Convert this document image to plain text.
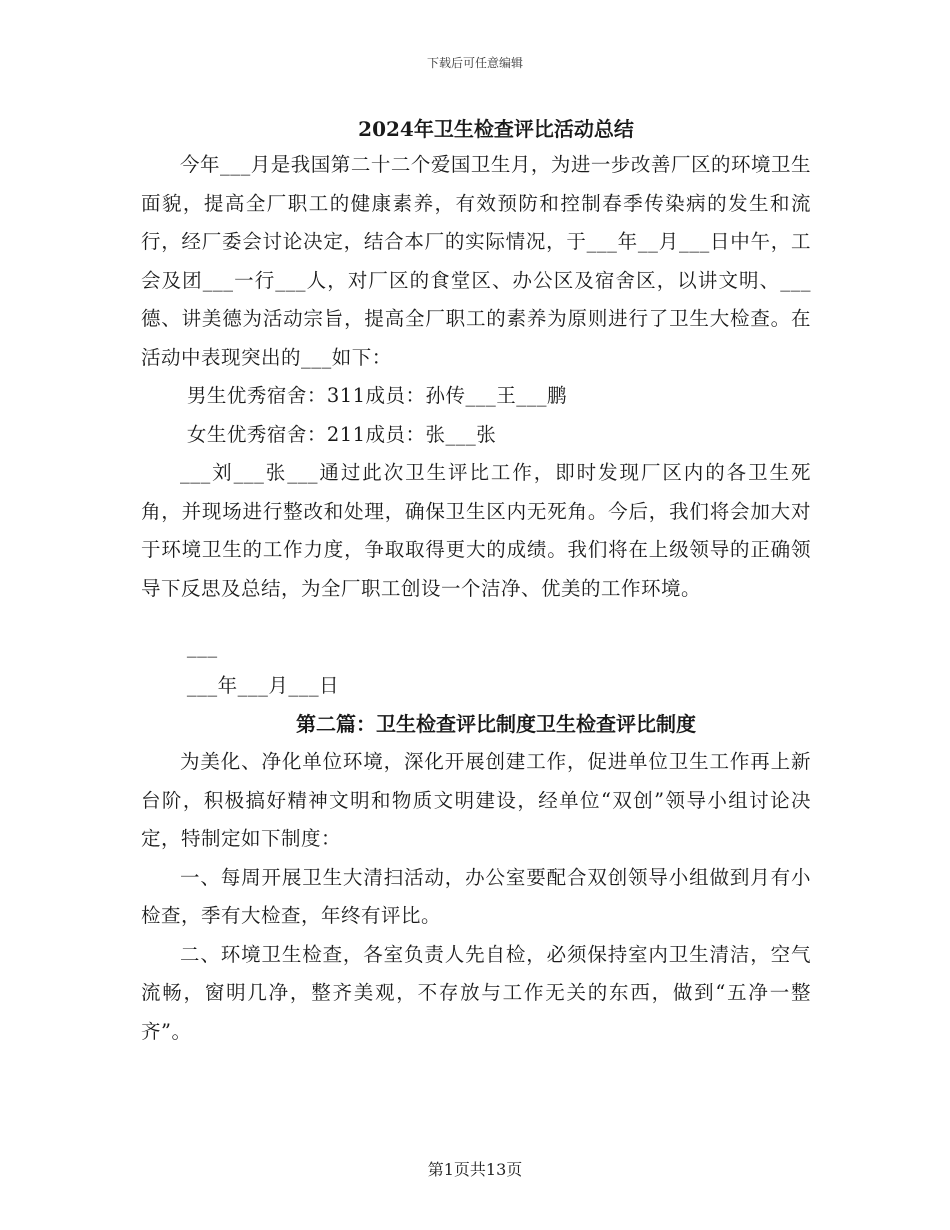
下载后可任意编辑
2024年卫生检查评比活动总结

今年___月是我国第二十二个爱国卫生月，为进一步改善厂区的环境卫生面貌，提高全厂职工的健康素养，有效预防和控制春季传染病的发生和流行，经厂委会讨论决定，结合本厂的实际情况，于___年__月___日中午，工会及团___一行___人，对厂区的食堂区、办公区及宿舍区，以讲文明、___德、讲美德为活动宗旨，提高全厂职工的素养为原则进行了卫生大检查。在活动中表现突出的___如下：

男生优秀宿舍：311成员：孙传___王___鹏

女生优秀宿舍：211成员：张___张

___刘___张___通过此次卫生评比工作，即时发现厂区内的各卫生死角，并现场进行整改和处理，确保卫生区内无死角。今后，我们将会加大对于环境卫生的工作力度，争取取得更大的成绩。我们将在上级领导的正确领导下反思及总结，为全厂职工创设一个洁净、优美的工作环境。

___

___年___月___日

第二篇：卫生检查评比制度卫生检查评比制度

为美化、净化单位环境，深化开展创建工作，促进单位卫生工作再上新台阶，积极搞好精神文明和物质文明建设，经单位“双创”领导小组讨论决定，特制定如下制度：

一、每周开展卫生大清扫活动，办公室要配合双创领导小组做到月有小检查，季有大检查，年终有评比。

二、环境卫生检查，各室负责人先自检，必须保持室内卫生清洁，空气流畅，窗明几净，整齐美观，不存放与工作无关的东西，做到“五净一整齐”。

第1页共13页
